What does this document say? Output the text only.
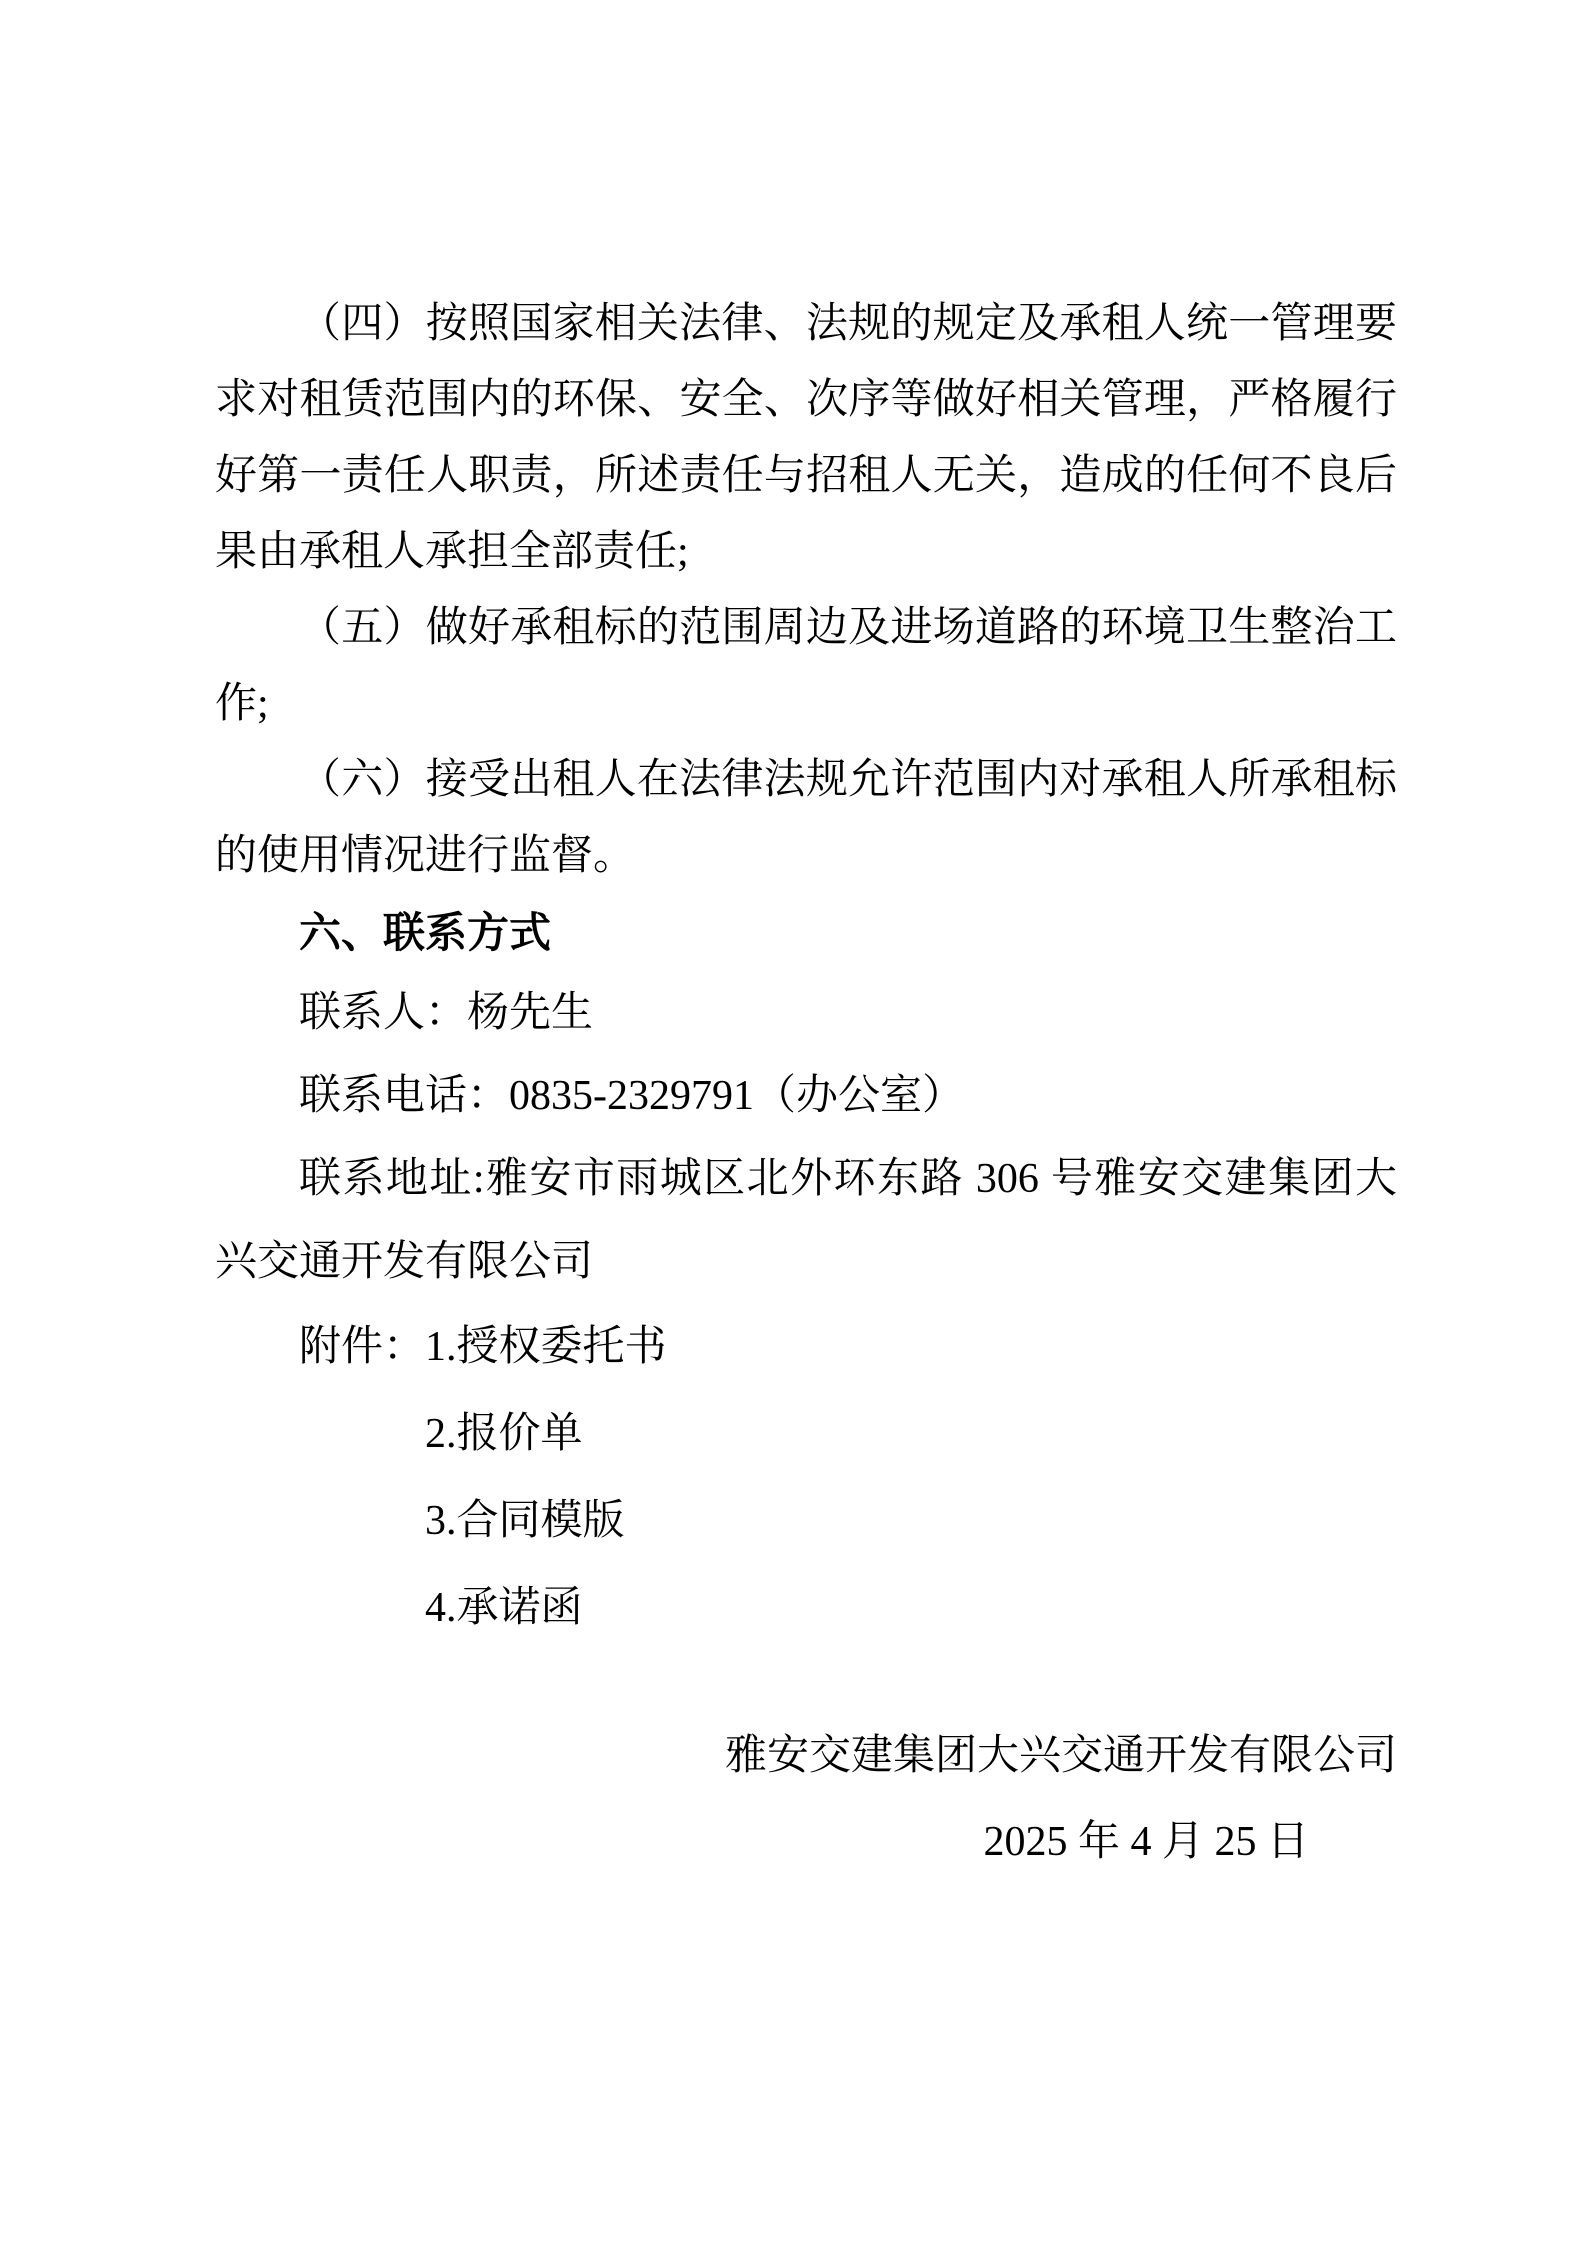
（四）按照国家相关法律、法规的规定及承租人统一管理要
求对租赁范围内的环保、安全、次序等做好相关管理，严格履行
好第一责任人职责，所述责任与招租人无关，造成的任何不良后
果由承租人承担全部责任;
（五）做好承租标的范围周边及进场道路的环境卫生整治工
作;
（六）接受出租人在法律法规允许范围内对承租人所承租标
的使用情况进行监督。
六、联系方式
联系人：杨先生
联系电话：0835-2329791（办公室）
联系地址:雅安市雨城区北外环东路 306 号雅安交建集团大
兴交通开发有限公司
附件：1.授权委托书
2.报价单
3.合同模版
4.承诺函
雅安交建集团大兴交通开发有限公司
2025 年 4 月 25 日
